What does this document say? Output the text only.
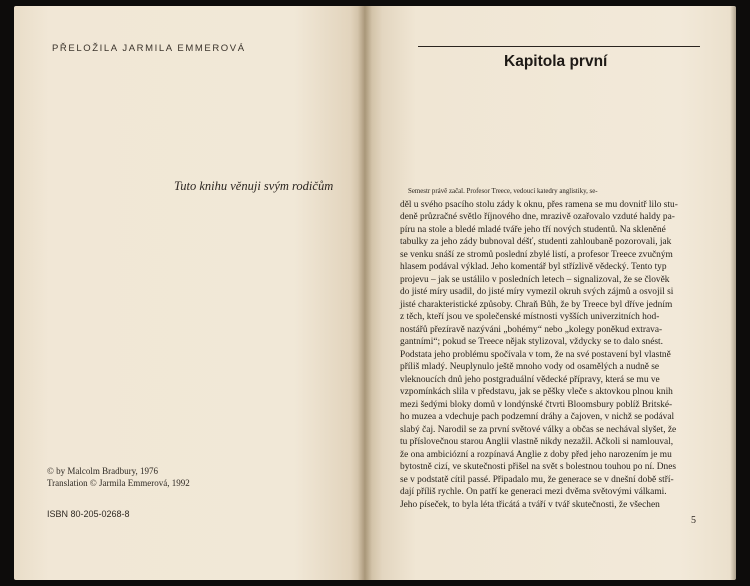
PŘELOŽILA JARMILA EMMEROVÁ
Tuto knihu věnuji svým rodičům
© by Malcolm Bradbury, 1976
Translation © Jarmila Emmerová, 1992
ISBN 80-205-0268-8
Kapitola první
Semestr právě začal. Profesor Treece, vedoucí katedry anglistiky, se-
děl u svého psacího stolu zády k oknu, přes ramena se mu dovnitř lilo stu-
deně průzračné světlo říjnového dne, mrazivě ozařovalo vzduté haldy pa-
píru na stole a bledé mladé tváře jeho tří nových studentů. Na skleněné
tabulky za jeho zády bubnoval déšť, studenti zahloubaně pozorovali, jak
se venku snáší ze stromů poslední zbylé listí, a profesor Treece zvučným
hlasem podával výklad. Jeho komentář byl střízlivě vědecký. Tento typ
projevu – jak se ustálilo v posledních letech – signalizoval, že se člověk
do jisté míry usadil, do jisté míry vymezil okruh svých zájmů a osvojil si
jisté charakteristické způsoby. Chraň Bůh, že by Treece byl dříve jedním
z těch, kteří jsou ve společenské místnosti vyšších univerzitních hod-
nostářů přezíravě nazýváni „bohémy“ nebo „kolegy poněkud extrava-
gantními“; pokud se Treece nějak stylizoval, vždycky se to dalo snést.
Podstata jeho problému spočívala v tom, že na své postavení byl vlastně
příliš mladý. Neuplynulo ještě mnoho vody od osamělých a nudně se
vleknoucích dnů jeho postgraduální vědecké přípravy, která se mu ve
vzpomínkách slila v představu, jak se pěšky vleče s aktovkou plnou knih
mezi šedými bloky domů v londýnské čtvrti Bloomsbury poblíž Britské-
ho muzea a vdechuje pach podzemní dráhy a čajoven, v nichž se podával
slabý čaj. Narodil se za první světové války a občas se nechával slyšet, že
tu příslovečnou starou Anglii vlastně nikdy nezažil. Ačkoli si namlouval,
že ona ambiciózní a rozpínavá Anglie z doby před jeho narozením je mu
bytostně cizí, ve skutečnosti přišel na svět s bolestnou touhou po ní. Dnes
se v podstatě cítil passé. Připadalo mu, že generace se v dnešní době stří-
dají příliš rychle. On patří ke generaci mezi dvěma světovými válkami.
Jeho píseček, to byla léta třicátá a tváří v tvář skutečnosti, že všechen
5
